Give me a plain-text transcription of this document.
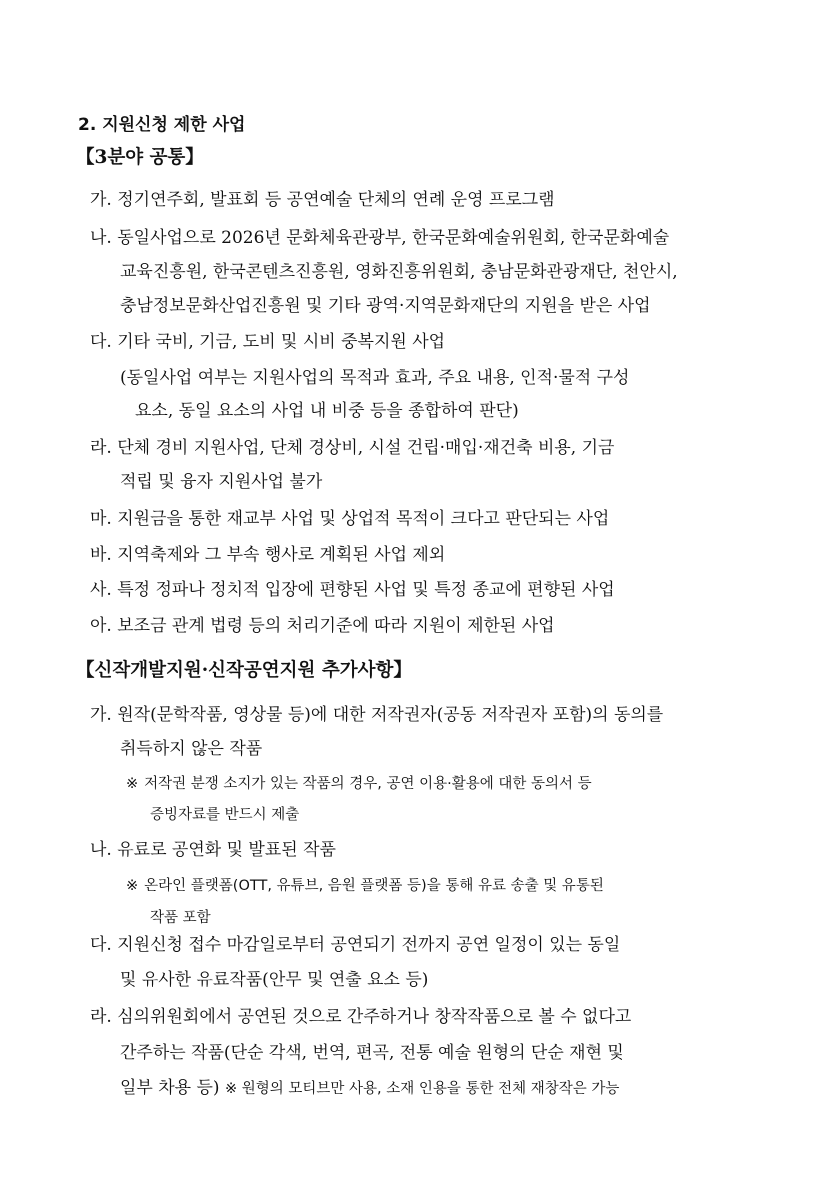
2. 지원신청 제한 사업
【3분야 공통】
가. 정기연주회, 발표회 등 공연예술 단체의 연례 운영 프로그램
나. 동일사업으로 2026년 문화체육관광부, 한국문화예술위원회, 한국문화예술
교육진흥원, 한국콘텐츠진흥원, 영화진흥위원회, 충남문화관광재단, 천안시,
충남정보문화산업진흥원 및 기타 광역·지역문화재단의 지원을 받은 사업
다. 기타 국비, 기금, 도비 및 시비 중복지원 사업
(동일사업 여부는 지원사업의 목적과 효과, 주요 내용, 인적·물적 구성
요소, 동일 요소의 사업 내 비중 등을 종합하여 판단)
라. 단체 경비 지원사업, 단체 경상비, 시설 건립·매입·재건축 비용, 기금
적립 및 융자 지원사업 불가
마. 지원금을 통한 재교부 사업 및 상업적 목적이 크다고 판단되는 사업
바. 지역축제와 그 부속 행사로 계획된 사업 제외
사. 특정 정파나 정치적 입장에 편향된 사업 및 특정 종교에 편향된 사업
아. 보조금 관계 법령 등의 처리기준에 따라 지원이 제한된 사업
【신작개발지원·신작공연지원 추가사항】
가. 원작(문학작품, 영상물 등)에 대한 저작권자(공동 저작권자 포함)의 동의를
취득하지 않은 작품
※ 저작권 분쟁 소지가 있는 작품의 경우, 공연 이용·활용에 대한 동의서 등
증빙자료를 반드시 제출
나. 유료로 공연화 및 발표된 작품
※ 온라인 플랫폼(OTT, 유튜브, 음원 플랫폼 등)을 통해 유료 송출 및 유통된
작품 포함
다. 지원신청 접수 마감일로부터 공연되기 전까지 공연 일정이 있는 동일
및 유사한 유료작품(안무 및 연출 요소 등)
라. 심의위원회에서 공연된 것으로 간주하거나 창작작품으로 볼 수 없다고
간주하는 작품(단순 각색, 번역, 편곡, 전통 예술 원형의 단순 재현 및
일부 차용 등) ※ 원형의 모티브만 사용, 소재 인용을 통한 전체 재창작은 가능
